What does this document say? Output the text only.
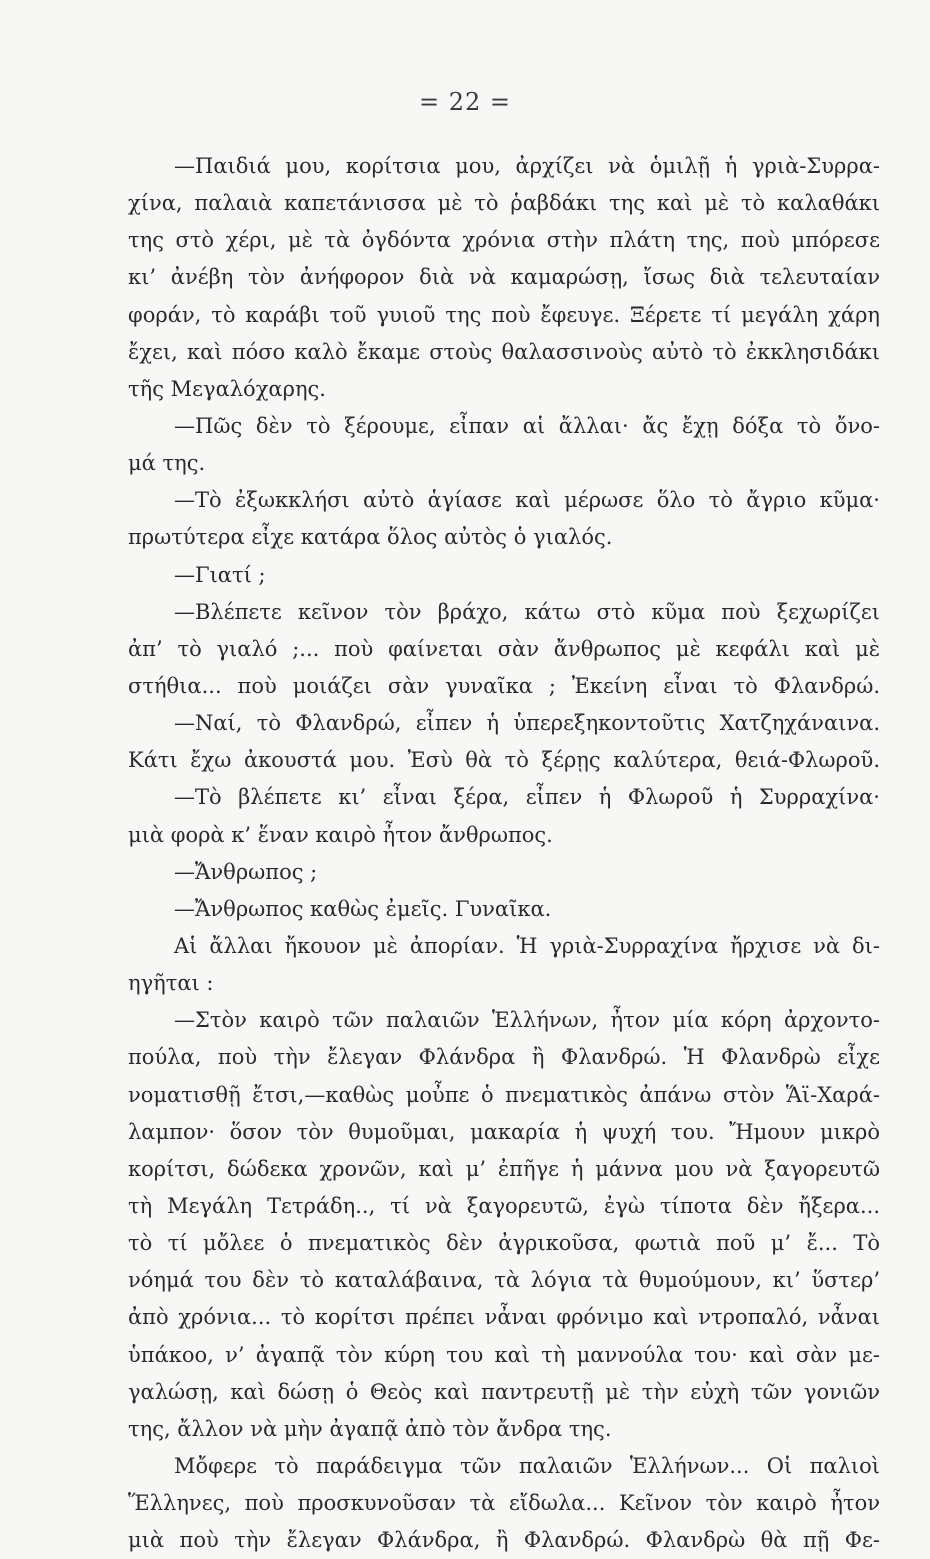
= 22 =
—Παιδιά μου, κορίτσια μου, ἀρχίζει νὰ ὁμιλῇ ἡ γριὰ-Συρρα-
χίνα, παλαιὰ καπετάνισσα μὲ τὸ ῥαβδάκι της καὶ μὲ τὸ καλαθάκι
της στὸ χέρι, μὲ τὰ ὀγδόντα χρόνια στὴν πλάτη της, ποὺ μπόρεσε
κι’ ἀνέβη τὸν ἀνήφορον διὰ νὰ καμαρώσῃ, ἴσως διὰ τελευταίαν
φοράν, τὸ καράβι τοῦ γυιοῦ της ποὺ ἔφευγε. Ξέρετε τί μεγάλη χάρη
ἔχει, καὶ πόσο καλὸ ἔκαμε στοὺς θαλασσινοὺς αὐτὸ τὸ ἐκκλησιδάκι
τῆς Μεγαλόχαρης.
—Πῶς δὲν τὸ ξέρουμε, εἶπαν αἱ ἄλλαι· ἄς ἔχῃ δόξα τὸ ὄνο-
μά της.
—Τὸ ἐξωκκλήσι αὐτὸ ἁγίασε καὶ μέρωσε ὅλο τὸ ἄγριο κῦμα·
πρωτύτερα εἶχε κατάρα ὅλος αὐτὸς ὁ γιαλός.
—Γιατί ;
—Βλέπετε κεῖνον τὸν βράχο, κάτω στὸ κῦμα ποὺ ξεχωρίζει
ἀπ’ τὸ γιαλό ;... ποὺ φαίνεται σὰν ἄνθρωπος μὲ κεφάλι καὶ μὲ
στήθια... ποὺ μοιάζει σὰν γυναῖκα ; Ἐκείνη εἶναι τὸ Φλανδρώ.
—Ναί, τὸ Φλανδρώ, εἶπεν ἡ ὑπερεξηκοντοῦτις Χατζηχάναινα.
Κάτι ἔχω ἀκουστά μου. Ἐσὺ θὰ τὸ ξέρῃς καλύτερα, θειά-Φλωροῦ.
—Τὸ βλέπετε κι’ εἶναι ξέρα, εἶπεν ἡ Φλωροῦ ἡ Συρραχίνα·
μιὰ φορὰ κ’ ἕναν καιρὸ ἦτον ἄνθρωπος.
—Ἄνθρωπος ;
—Ἄνθρωπος καθὼς ἐμεῖς. Γυναῖκα.
Αἱ ἄλλαι ἤκουον μὲ ἀπορίαν. Ἡ γριὰ-Συρραχίνα ἤρχισε νὰ δι-
ηγῆται :
—Στὸν καιρὸ τῶν παλαιῶν Ἑλλήνων, ἦτον μία κόρη ἀρχοντο-
πούλα, ποὺ τὴν ἔλεγαν Φλάνδρα ἢ Φλανδρώ. Ἡ Φλανδρὼ εἶχε
νοματισθῇ ἔτσι,—καθὼς μοὖπε ὁ πνεματικὸς ἀπάνω στὸν Ἅϊ-Χαρά-
λαμπον· ὅσον τὸν θυμοῦμαι, μακαρία ἡ ψυχή του. Ἤμουν μικρὸ
κορίτσι, δώδεκα χρονῶν, καὶ μ’ ἐπῆγε ἡ μάννα μου νὰ ξαγορευτῶ
τὴ Μεγάλη Τετράδη.., τί νὰ ξαγορευτῶ, ἐγὼ τίποτα δὲν ἤξερα...
τὸ τί μὄλεε ὁ πνεματικὸς δὲν ἀγρικοῦσα, φωτιὰ ποῦ μ’ ἔ... Τὸ
νόημά του δὲν τὸ καταλάβαινα, τὰ λόγια τὰ θυμούμουν, κι’ ὕστερ’
ἀπὸ χρόνια... τὸ κορίτσι πρέπει νἆναι φρόνιμο καὶ ντροπαλό, νἆναι
ὑπάκοο, ν’ ἀγαπᾷ τὸν κύρη του καὶ τὴ μαννούλα του· καὶ σὰν με-
γαλώσῃ, καὶ δώσῃ ὁ Θεὸς καὶ παντρευτῇ μὲ τὴν εὐχὴ τῶν γονιῶν
της, ἄλλον νὰ μὴν ἀγαπᾷ ἀπὸ τὸν ἄνδρα της.
Μὄφερε τὸ παράδειγμα τῶν παλαιῶν Ἑλλήνων... Οἱ παλιοὶ
Ἕλληνες, ποὺ προσκυνοῦσαν τὰ εἴδωλα... Κεῖνον τὸν καιρὸ ἦτον
μιὰ ποὺ τὴν ἔλεγαν Φλάνδρα, ἢ Φλανδρώ. Φλανδρὼ θὰ πῇ Φε-
